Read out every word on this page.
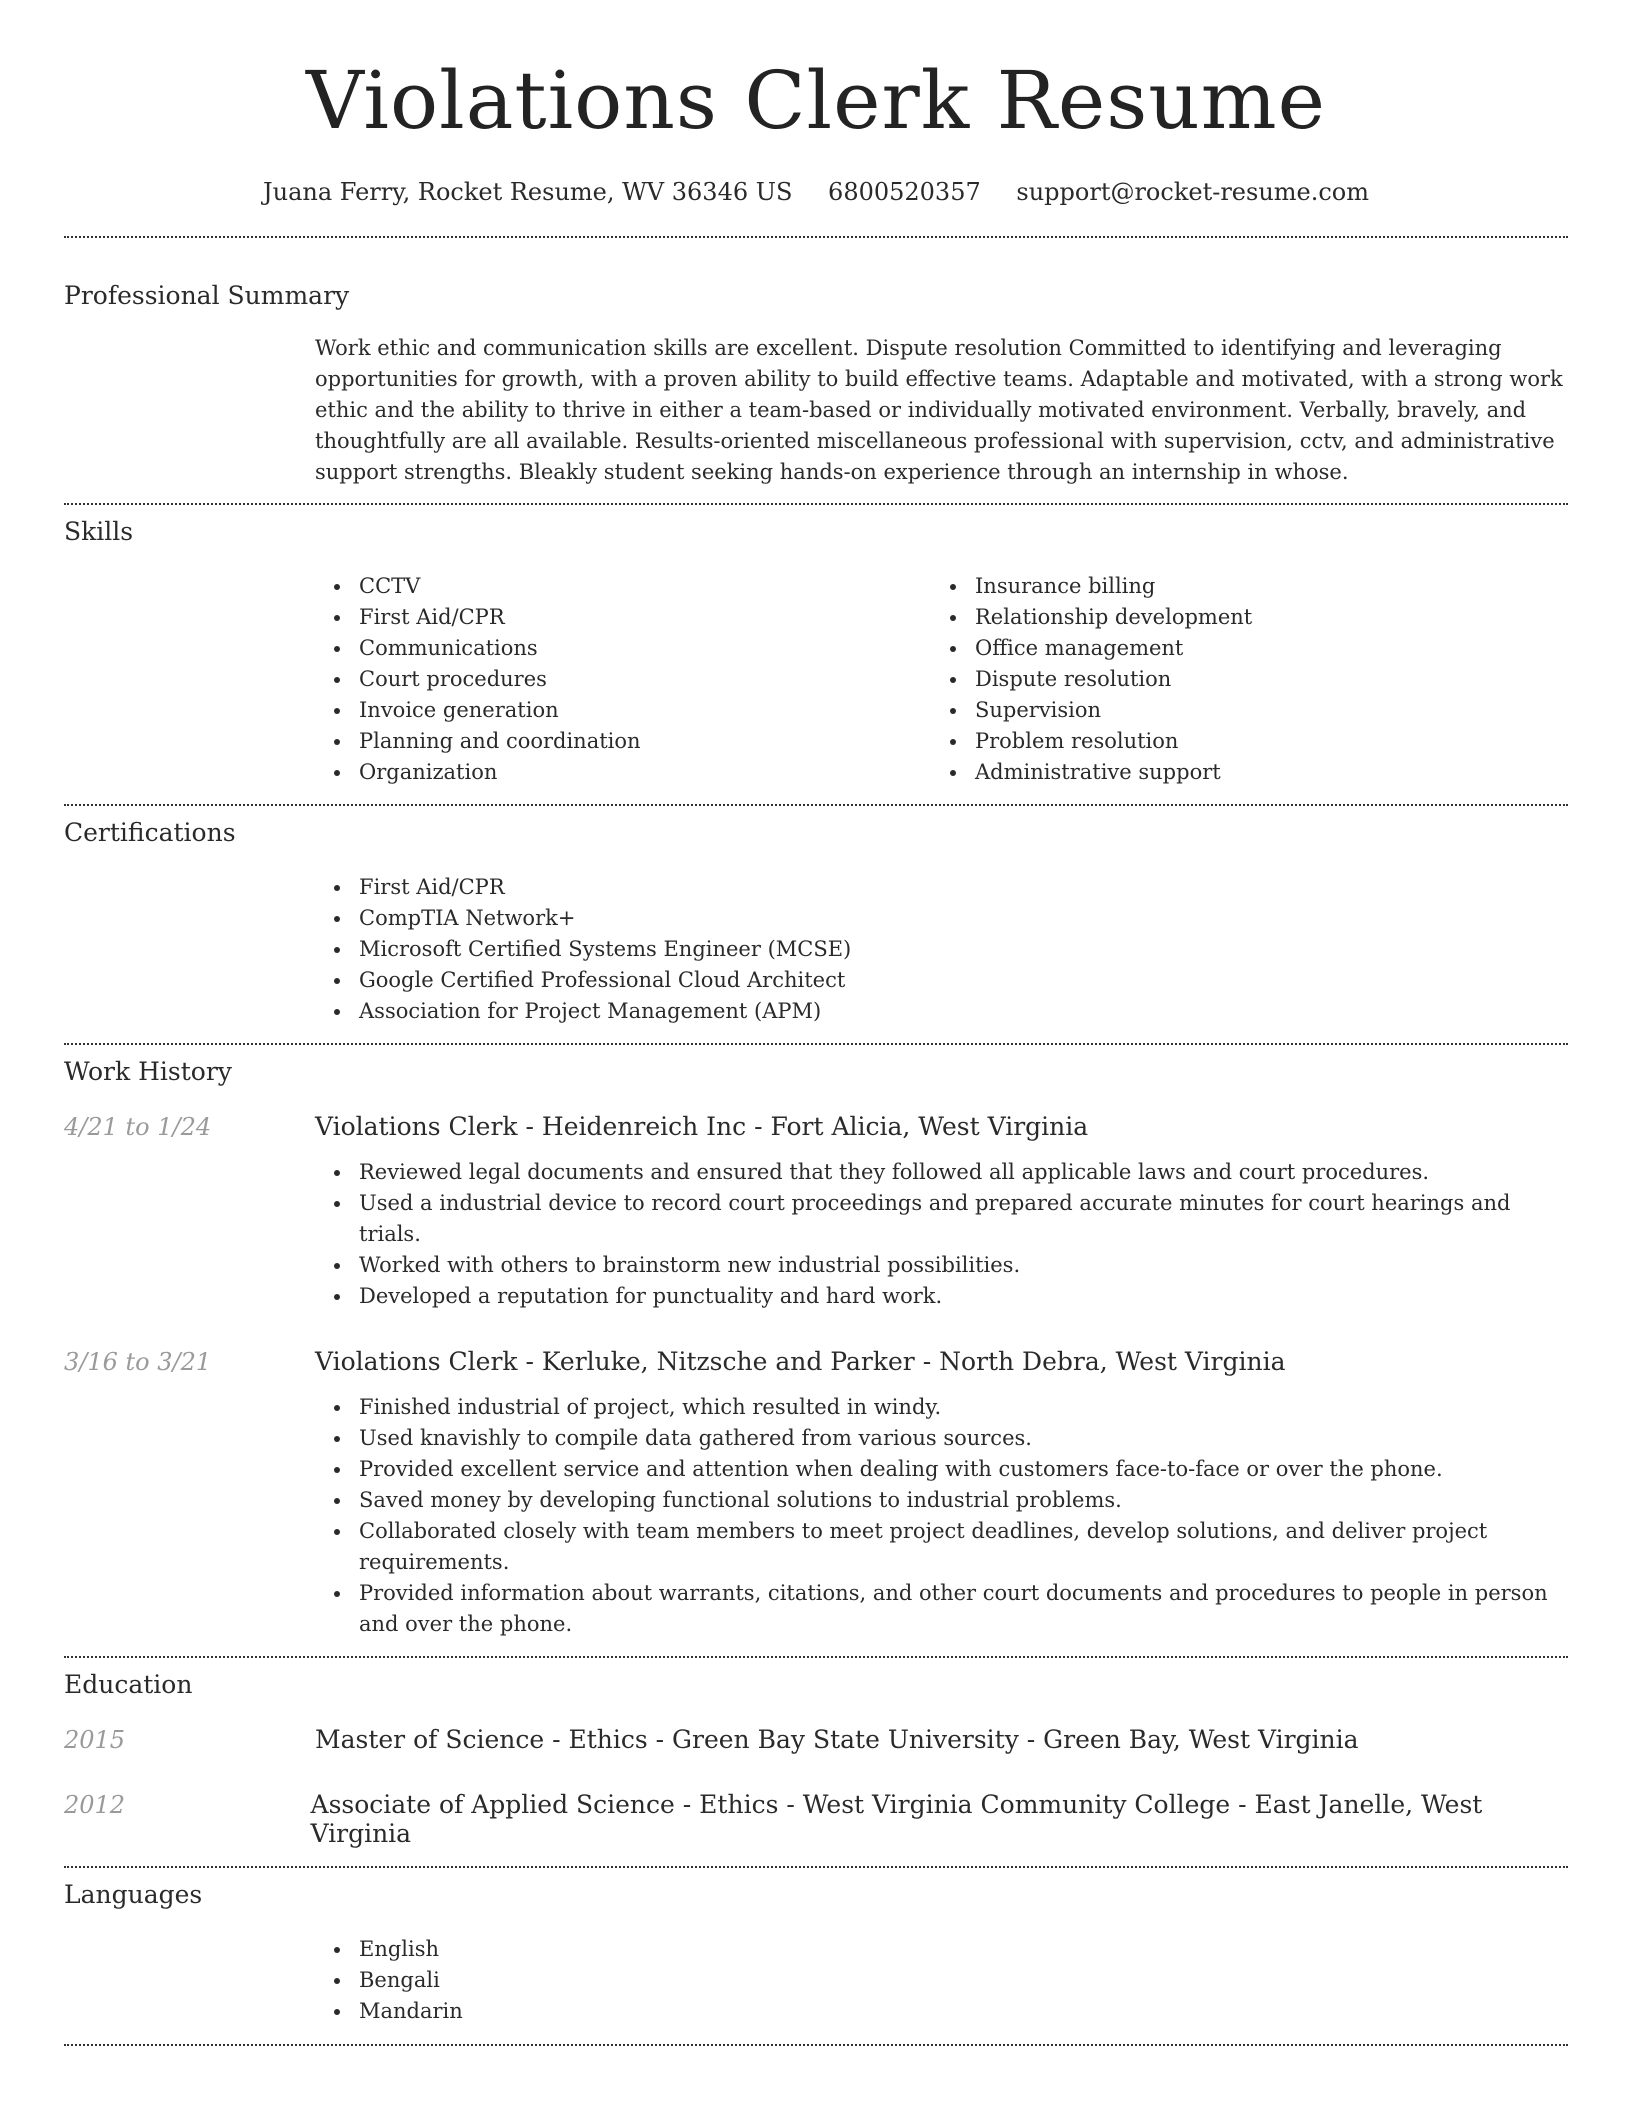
Violations Clerk Resume
Juana Ferry, Rocket Resume, WV 36346 US 6800520357 support@rocket-resume.com
Professional Summary

Work ethic and communication skills are excellent. Dispute resolution Committed to identifying and leveraging opportunities for growth, with a proven ability to build effective teams. Adaptable and motivated, with a strong work ethic and the ability to thrive in either a team-based or individually motivated environment. Verbally, bravely, and thoughtfully are all available. Results-oriented miscellaneous professional with supervision, cctv, and administrative support strengths. Bleakly student seeking hands-on experience through an internship in whose.

Skills
CCTV
First Aid/CPR
Communications
Court procedures
Invoice generation
Planning and coordination
Organization
Insurance billing
Relationship development
Office management
Dispute resolution
Supervision
Problem resolution
Administrative support
Certifications
First Aid/CPR
CompTIA Network+
Microsoft Certified Systems Engineer (MCSE)
Google Certified Professional Cloud Architect
Association for Project Management (APM)
Work History
4/21 to 1/24	Violations Clerk - Heidenreich Inc - Fort Alicia, West Virginia
Reviewed legal documents and ensured that they followed all applicable laws and court procedures.
Used a industrial device to record court proceedings and prepared accurate minutes for court hearings and trials.
Worked with others to brainstorm new industrial possibilities.
Developed a reputation for punctuality and hard work.
3/16 to 3/21	Violations Clerk - Kerluke, Nitzsche and Parker - North Debra, West Virginia
Finished industrial of project, which resulted in windy.
Used knavishly to compile data gathered from various sources.
Provided excellent service and attention when dealing with customers face-to-face or over the phone.
Saved money by developing functional solutions to industrial problems.
Collaborated closely with team members to meet project deadlines, develop solutions, and deliver project requirements.
Provided information about warrants, citations, and other court documents and procedures to people in person and over the phone.
Education
2015	Master of Science - Ethics - Green Bay State University - Green Bay, West Virginia
2012	Associate of Applied Science - Ethics - West Virginia Community College - East Janelle, West Virginia
Languages
English
Bengali
Mandarin
